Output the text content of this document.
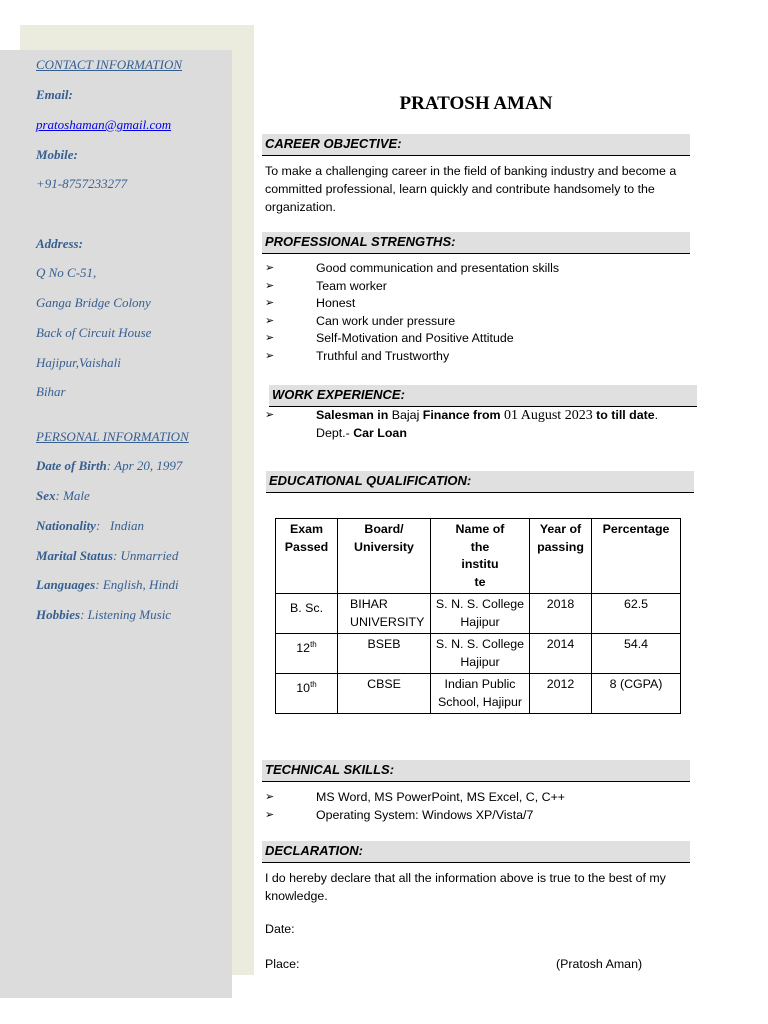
CONTACT INFORMATION
Email:
pratoshaman@gmail.com
Mobile:
+91-8757233277
Address:
Q No C-51,
Ganga Bridge Colony
Back of Circuit House
Hajipur,Vaishali
Bihar
PERSONAL INFORMATION
Date of Birth: Apr 20, 1997
Sex: Male
Nationality:   Indian
Marital Status: Unmarried
Languages: English, Hindi
Hobbies: Listening Music
PRATOSH AMAN
CAREER OBJECTIVE:
To make a challenging career in the field of banking industry and become a committed professional, learn quickly and contribute handsomely to the organization.
PROFESSIONAL STRENGTHS:
➢	Good communication and presentation skills
➢	Team worker
➢	Honest
➢	Can work under pressure
➢	Self-Motivation and Positive Attitude
➢	Truthful and Trustworthy
WORK EXPERIENCE:
➢	Salesman in Bajaj Finance from 01 August 2023 to till date.
Dept.- Car Loan
EDUCATIONAL QUALIFICATION:
Exam Passed	Board/ University	Name of
the
institu
te	Year of passing	Percentage
B. Sc.	BIHAR UNIVERSITY	S. N. S. College Hajipur	2018	62.5
12th	BSEB	S. N. S. College Hajipur	2014	54.4
10th	CBSE	Indian Public School, Hajipur	2012	8 (CGPA)
TECHNICAL SKILLS:
➢	MS Word, MS PowerPoint, MS Excel, C, C++
➢	Operating System: Windows XP/Vista/7
DECLARATION:
I do hereby declare that all the information above is true to the best of my knowledge.
Date:
Place:	(Pratosh Aman)
